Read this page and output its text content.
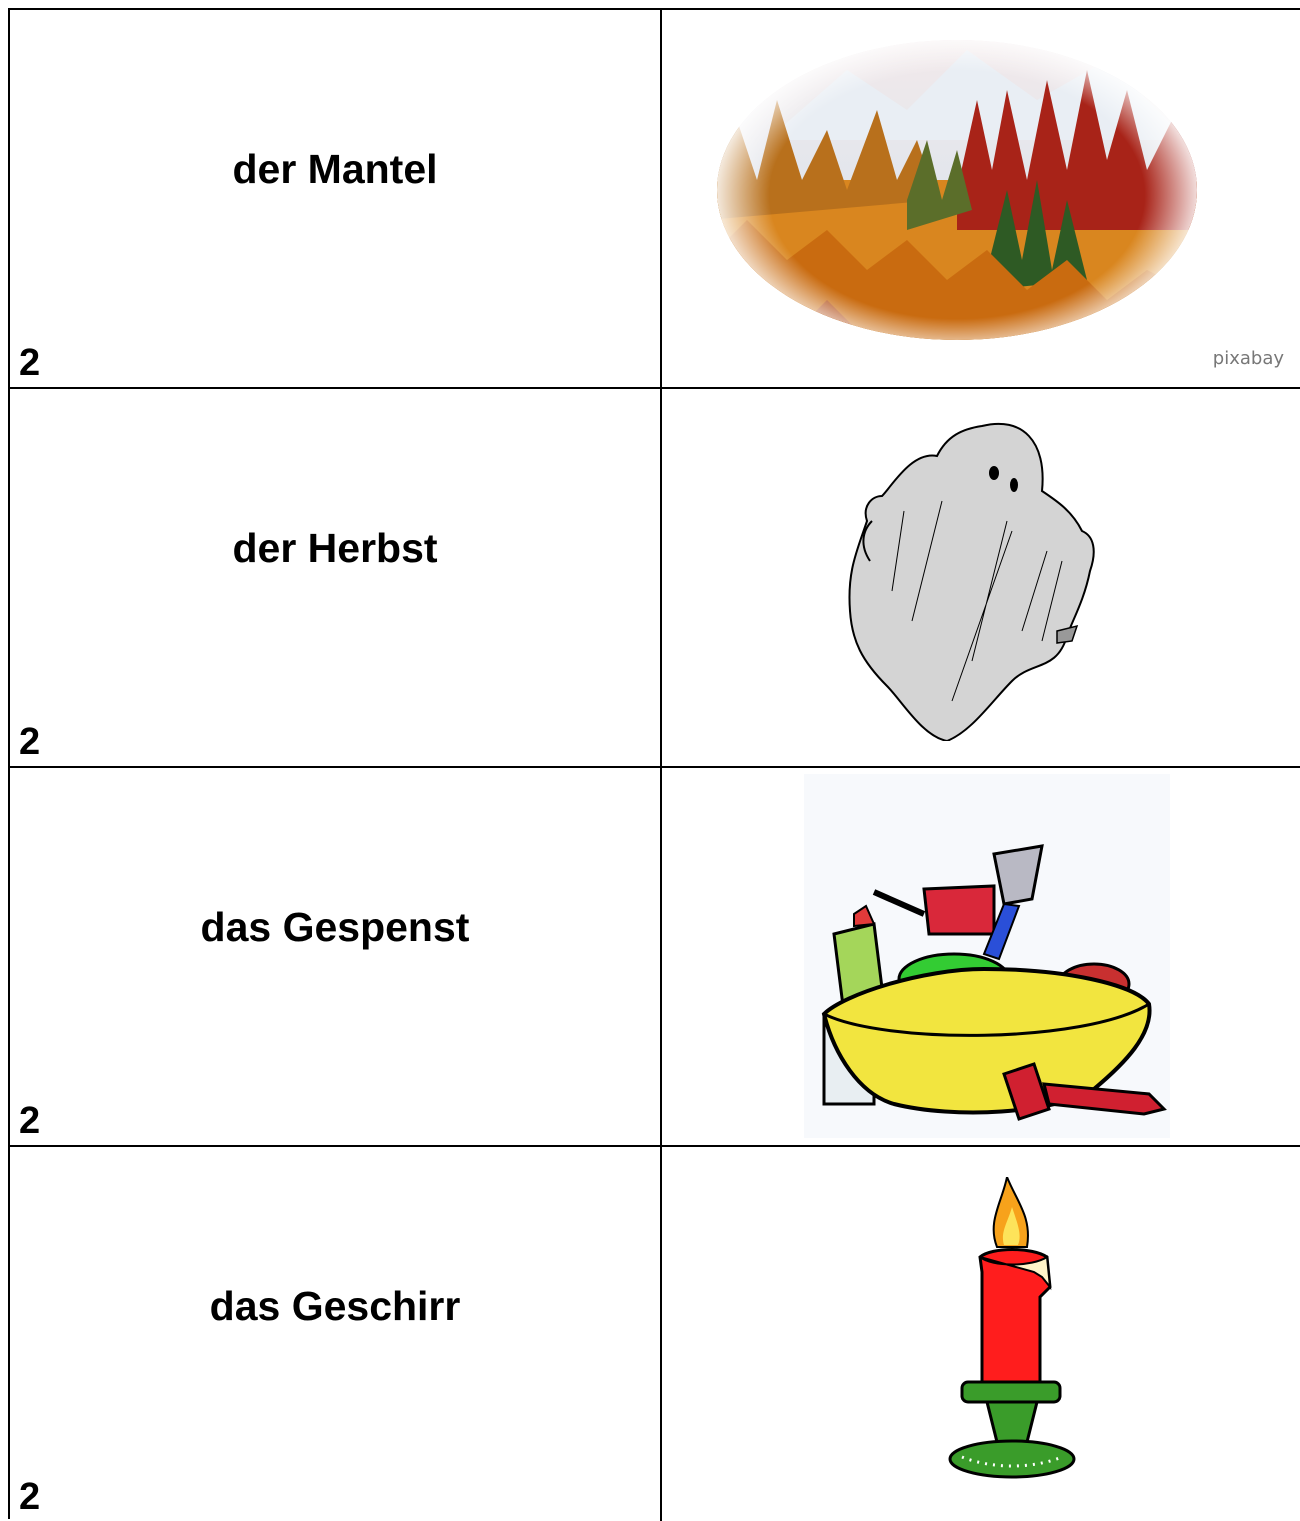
der Mantel
2	pixabay
der Herbst
2
das Gespenst
2
das Geschirr
2
